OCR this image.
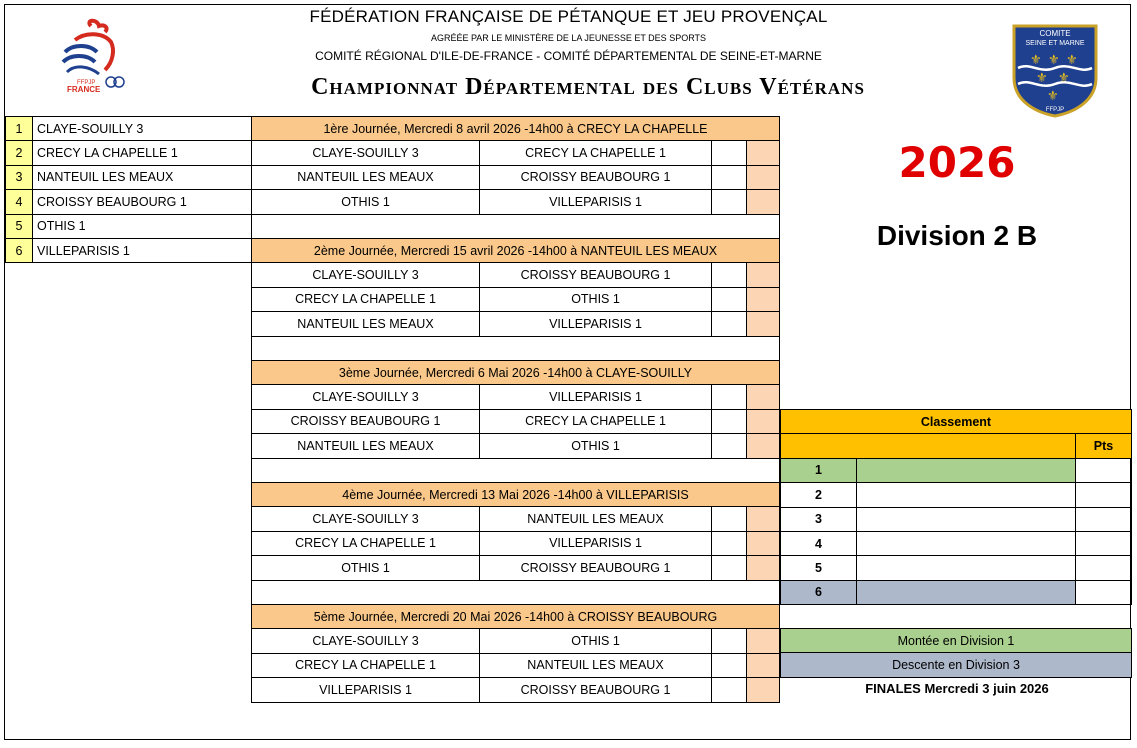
FFPJP
FRANCE
COMITE
SEINE ET MARNE
⚜ ⚜ ⚜
⚜ ⚜
⚜
FFPJP
FÉDÉRATION FRANÇAISE DE PÉTANQUE ET JEU PROVENÇAL
AGRÉÉE PAR LE MINISTÈRE DE LA JEUNESSE ET DES SPORTS
COMITÉ RÉGIONAL D'ILE-DE-FRANCE - COMITÉ DÉPARTEMENTAL DE SEINE-ET-MARNE
Championnat Départemental des Clubs Vétérans
1	CLAYE-SOUILLY 3
2	CRECY LA CHAPELLE 1
3	NANTEUIL LES MEAUX
4	CROISSY BEAUBOURG 1
5	OTHIS 1
6	VILLEPARISIS 1
1ère Journée, Mercredi 8 avril 2026 -14h00 à CRECY LA CHAPELLE
CLAYE-SOUILLY 3	CRECY LA CHAPELLE 1
NANTEUIL LES MEAUX	CROISSY BEAUBOURG 1
OTHIS 1	VILLEPARISIS 1
2ème Journée, Mercredi 15 avril 2026 -14h00 à NANTEUIL LES MEAUX
CLAYE-SOUILLY 3	CROISSY BEAUBOURG 1
CRECY LA CHAPELLE 1	OTHIS 1
NANTEUIL LES MEAUX	VILLEPARISIS 1
3ème Journée, Mercredi 6 Mai 2026 -14h00 à CLAYE-SOUILLY
CLAYE-SOUILLY 3	VILLEPARISIS 1
CROISSY BEAUBOURG 1	CRECY LA CHAPELLE 1
NANTEUIL LES MEAUX	OTHIS 1
4ème Journée, Mercredi 13 Mai 2026 -14h00 à VILLEPARISIS
CLAYE-SOUILLY 3	NANTEUIL LES MEAUX
CRECY LA CHAPELLE 1	VILLEPARISIS 1
OTHIS 1	CROISSY BEAUBOURG 1
5ème Journée, Mercredi 20 Mai 2026 -14h00 à CROISSY BEAUBOURG
CLAYE-SOUILLY 3	OTHIS 1
CRECY LA CHAPELLE 1	NANTEUIL LES MEAUX
VILLEPARISIS 1	CROISSY BEAUBOURG 1
Classement
Pts
1
2
3
4
5
6
Montée en Division 1
Descente en Division 3
2026
Division 2 B
FINALES Mercredi 3 juin 2026
